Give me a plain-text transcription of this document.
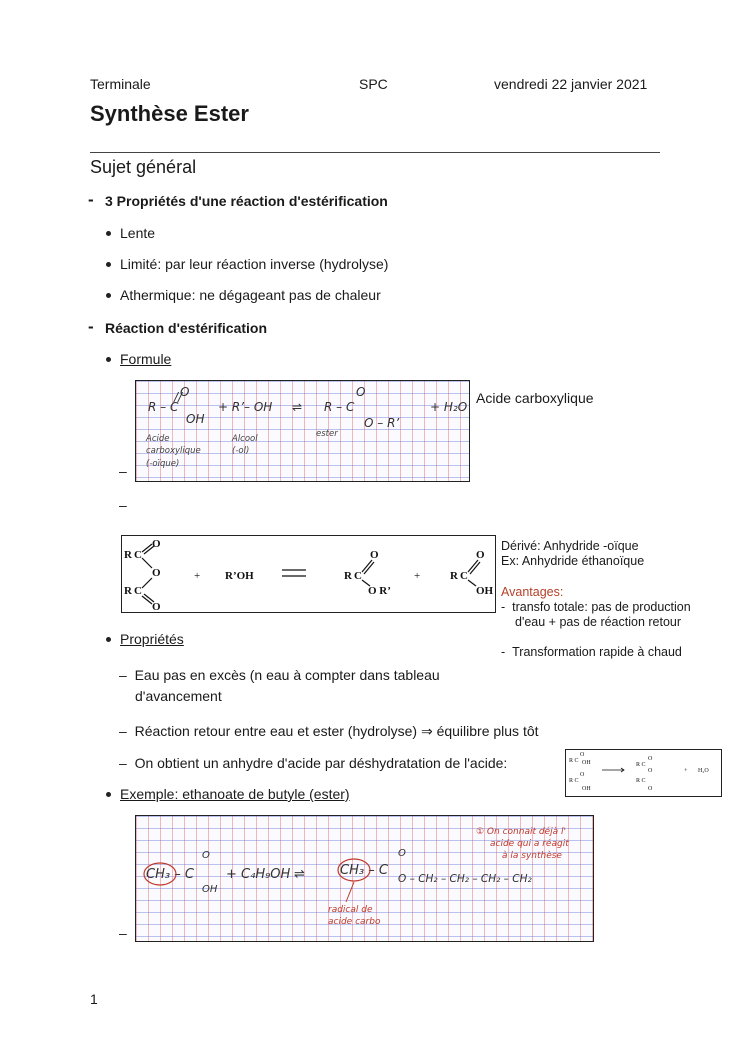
Terminale	SPC	vendredi 22 janvier 2021
Synthèse Ester
Sujet général
- 3 Propriétés d'une réaction d'estérification
Lente
Limité: par leur réaction inverse (hydrolyse)
Athermique: ne dégageant pas de chaleur
- Réaction d'estérification
Formule
R – C
O
//
OH
+ R’– OH ⇌ R – C
O
O – R’
+ H₂O
Acide
carboxylique
(-oïque)
Alcool
(-ol)
ester
Acide carboxylique
–
–
R C
O
R C
O
O
+ R’OH	R C
O
O R’
+	R C
O
OH
Dérivé: Anhydride -oïque
Ex: Anhydride éthanoïque
Avantages:
-  transfo totale: pas de production d'eau + pas de réaction retour
-  Transformation rapide à chaud
Propriétés
–  Eau pas en excès (n eau à compter dans tableau d'avancement
–  Réaction retour entre eau et ester (hydrolyse) ⇒ équilibre plus tôt
–  On obtient un anhydre d'acide par déshydratation de l'acide:	R C
O
OH
R C
O
OH
R C
O
O
R C
O
+ H₂O
Exemple: ethanoate de butyle (ester)
CH₃ – C
O
OH
+ C₄H₉OH ⇌	CH₃ – C
O
O – CH₂ – CH₂ – CH₂ – CH₂
radical de
acide carbo
① On connait déjà l'
acide qui a réagit
à la synthèse
–
1
